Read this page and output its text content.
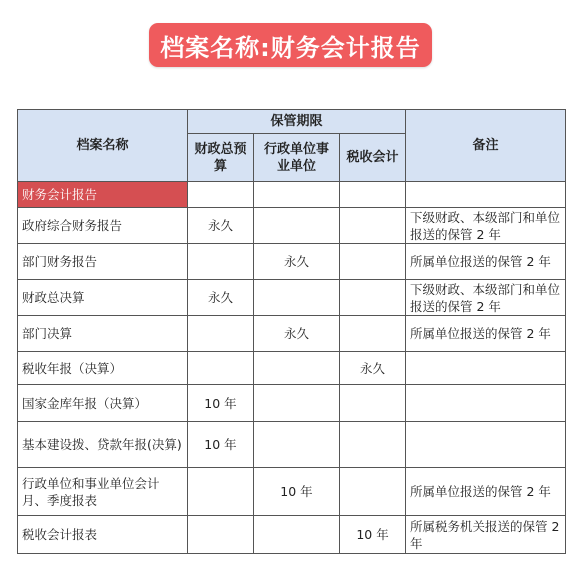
档案名称:财务会计报告
档案名称	保管期限			备注
	财政总预算	行政单位事业单位	税收会计	
财务会计报告				
政府综合财务报告	永久			下级财政、本级部门和单位报送的保管 2 年
部门财务报告		永久		所属单位报送的保管 2 年
财政总决算	永久			下级财政、本级部门和单位报送的保管 2 年
部门决算		永久		所属单位报送的保管 2 年
税收年报（决算）			永久	
国家金库年报（决算）	10 年			
基本建设拨、贷款年报(决算)	10 年			
行政单位和事业单位会计月、季度报表		10 年		所属单位报送的保管 2 年
税收会计报表			10 年	所属税务机关报送的保管 2 年
